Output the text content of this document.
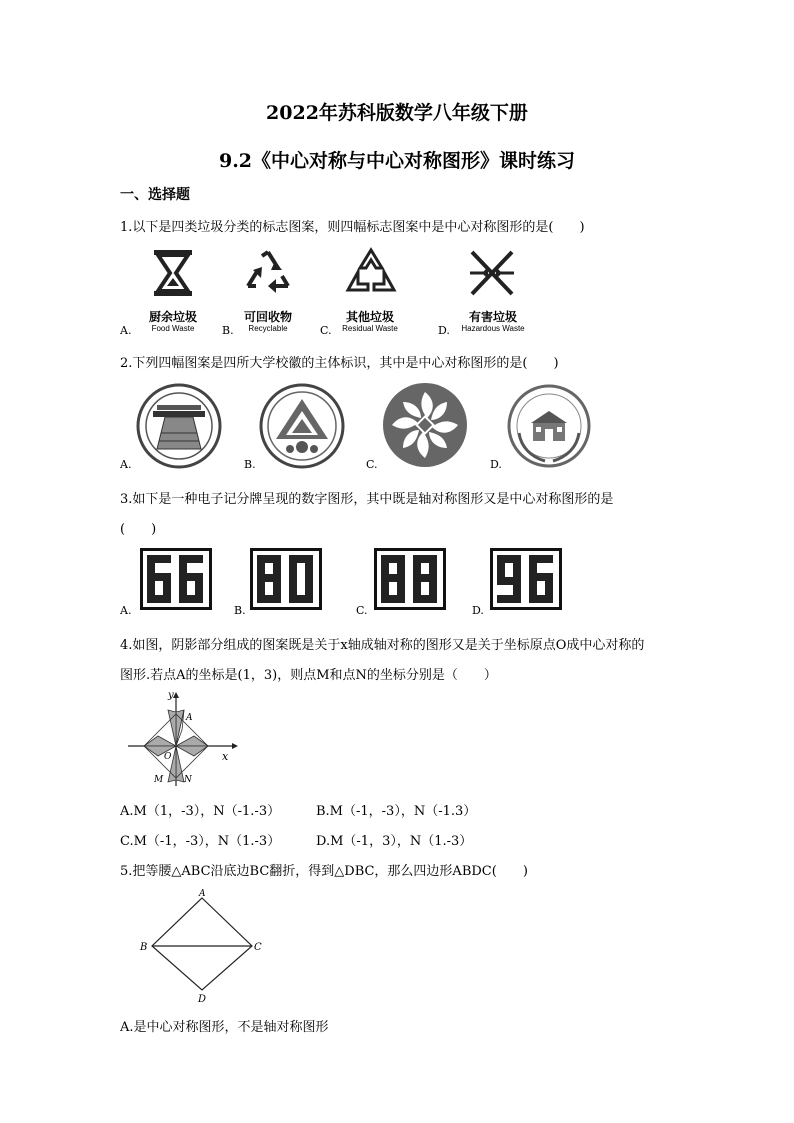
2022年苏科版数学八年级下册
9.2《中心对称与中心对称图形》课时练习
一、选择题
1.以下是四类垃圾分类的标志图案，则四幅标志图案中是中心对称图形的是(　　)
厨余垃圾
Food Waste
可回收物
Recyclable
其他垃圾
Residual Waste
有害垃圾
Hazardous Waste
A.	B.	C.	D.
2.下列四幅图案是四所大学校徽的主体标识，其中是中心对称图形的是(　　)
A.	B.	C.	D.
3.如下是一种电子记分牌呈现的数字图形，其中既是轴对称图形又是中心对称图形的是
(　　)
A.	B.	C.	D.
4.如图，阴影部分组成的图案既是关于x轴成轴对称的图形又是关于坐标原点O成中心对称的
图形.若点A的坐标是(1，3)，则点M和点N的坐标分别是（　　）
y
x
A
O
M N
A.M（1，-3），N（-1.-3）	B.M（-1，-3），N（-1.3）
C.M（-1，-3），N（1.-3）	D.M（-1，3），N（1.-3）
5.把等腰△ABC沿底边BC翻折，得到△DBC，那么四边形ABDC(　　)
A
B	C
D
A.是中心对称图形，不是轴对称图形
